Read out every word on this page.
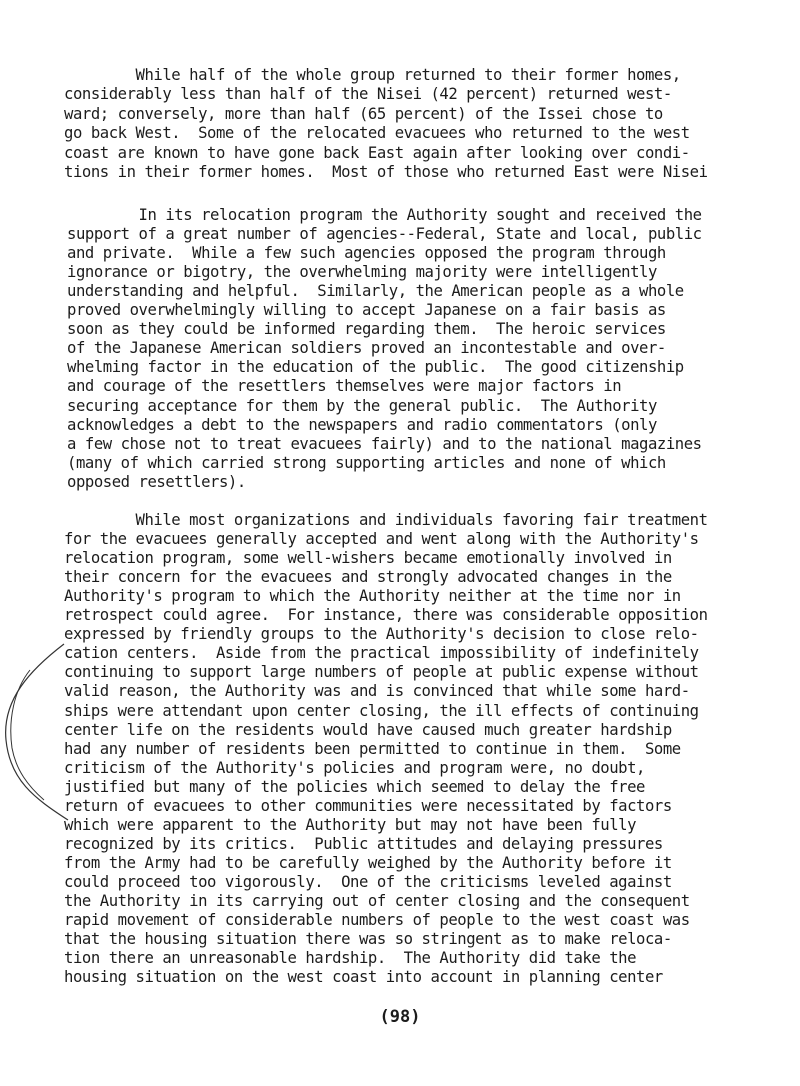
While half of the whole group returned to their former homes,
considerably less than half of the Nisei (42 percent) returned west-
ward; conversely, more than half (65 percent) of the Issei chose to
go back West.  Some of the relocated evacuees who returned to the west
coast are known to have gone back East again after looking over condi-
tions in their former homes.  Most of those who returned East were Nisei
In its relocation program the Authority sought and received the
support of a great number of agencies--Federal, State and local, public
and private.  While a few such agencies opposed the program through
ignorance or bigotry, the overwhelming majority were intelligently
understanding and helpful.  Similarly, the American people as a whole
proved overwhelmingly willing to accept Japanese on a fair basis as
soon as they could be informed regarding them.  The heroic services
of the Japanese American soldiers proved an incontestable and over-
whelming factor in the education of the public.  The good citizenship
and courage of the resettlers themselves were major factors in
securing acceptance for them by the general public.  The Authority
acknowledges a debt to the newspapers and radio commentators (only
a few chose not to treat evacuees fairly) and to the national magazines
(many of which carried strong supporting articles and none of which
opposed resettlers).
While most organizations and individuals favoring fair treatment
for the evacuees generally accepted and went along with the Authority's
relocation program, some well-wishers became emotionally involved in
their concern for the evacuees and strongly advocated changes in the
Authority's program to which the Authority neither at the time nor in
retrospect could agree.  For instance, there was considerable opposition
expressed by friendly groups to the Authority's decision to close relo-
cation centers.  Aside from the practical impossibility of indefinitely
continuing to support large numbers of people at public expense without
valid reason, the Authority was and is convinced that while some hard-
ships were attendant upon center closing, the ill effects of continuing
center life on the residents would have caused much greater hardship
had any number of residents been permitted to continue in them.  Some
criticism of the Authority's policies and program were, no doubt,
justified but many of the policies which seemed to delay the free
return of evacuees to other communities were necessitated by factors
which were apparent to the Authority but may not have been fully
recognized by its critics.  Public attitudes and delaying pressures
from the Army had to be carefully weighed by the Authority before it
could proceed too vigorously.  One of the criticisms leveled against
the Authority in its carrying out of center closing and the consequent
rapid movement of considerable numbers of people to the west coast was
that the housing situation there was so stringent as to make reloca-
tion there an unreasonable hardship.  The Authority did take the
housing situation on the west coast into account in planning center
(98)
